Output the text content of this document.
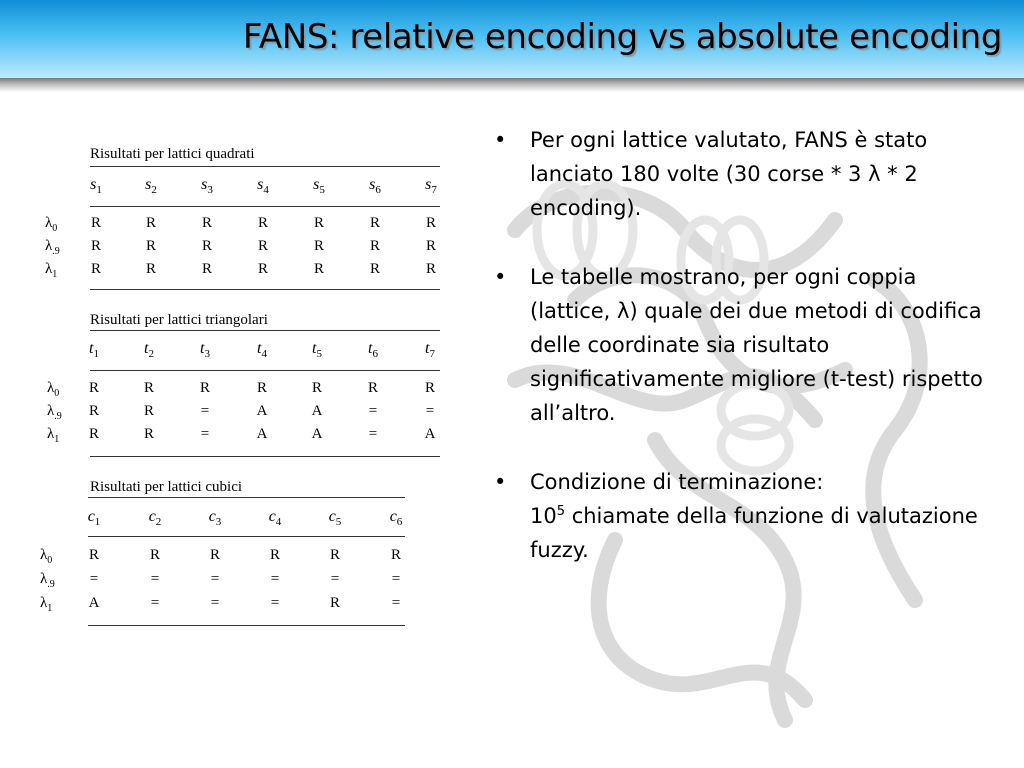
FANS: relative encoding vs absolute encoding
Risultati per lattici quadrati
$s_1$	$s_2$	$s_3$	$s_4$	$s_5$	$s_6$	$s_7$
$\lambda_0$	R	R	R	R	R	R	R
$\lambda_{.9}$	R	R	R	R	R	R	R
$\lambda_1$	R	R	R	R	R	R	R
Risultati per lattici triangolari
$t_1$	$t_2$	$t_3$	$t_4$	$t_5$	$t_6$	$t_7$
$\lambda_0$	R	R	R	R	R	R	R
$\lambda_{.9}$	R	R	=	A	A	=	=
$\lambda_1$	R	R	=	A	A	=	A
Risultati per lattici cubici
$c_1$	$c_2$	$c_3$	$c_4$	$c_5$	$c_6$
$\lambda_0$	R	R	R	R	R	R
$\lambda_{.9}$	=	=	=	=	=	=
$\lambda_1$	A	=	=	=	R	=
• Per ogni lattice valutato, FANS è stato lanciato 180 volte (30 corse * 3 λ * 2 encoding).
• Le tabelle mostrano, per ogni coppia (lattice, λ) quale dei due metodi di codifica delle coordinate sia risultato significativamente migliore (t-test) rispetto all’altro.
• Condizione di terminazione:
$10^5$ chiamate della funzione di valutazione fuzzy.
